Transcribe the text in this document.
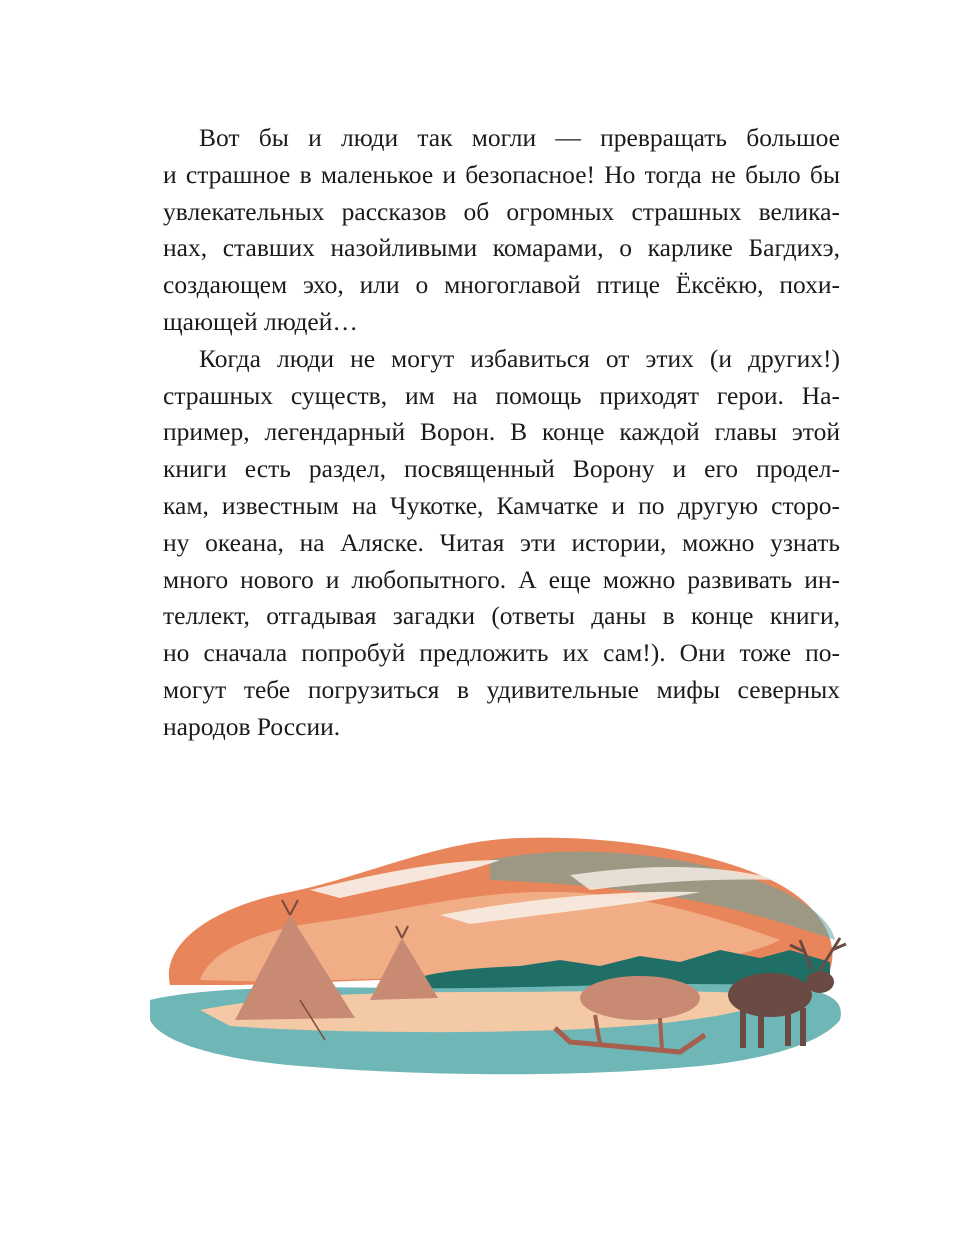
Вот бы и люди так могли — превращать большое
и страшное в маленькое и безопасное! Но тогда не было бы
увлекательных рассказов об огромных страшных велика-
нах, ставших назойливыми комарами, о карлике Багдихэ,
создающем эхо, или о многоглавой птице Ёксёкю, похи-
щающей людей…

Когда люди не могут избавиться от этих (и других!)
страшных существ, им на помощь приходят герои. На-
пример, легендарный Ворон. В конце каждой главы этой
книги есть раздел, посвященный Ворону и его продел-
кам, известным на Чукотке, Камчатке и по другую сторо-
ну океана, на Аляске. Читая эти истории, можно узнать
много нового и любопытного. А еще можно развивать ин-
теллект, отгадывая загадки (ответы даны в конце книги,
но сначала попробуй предложить их сам!). Они тоже по-
могут тебе погрузиться в удивительные мифы северных
народов России.
